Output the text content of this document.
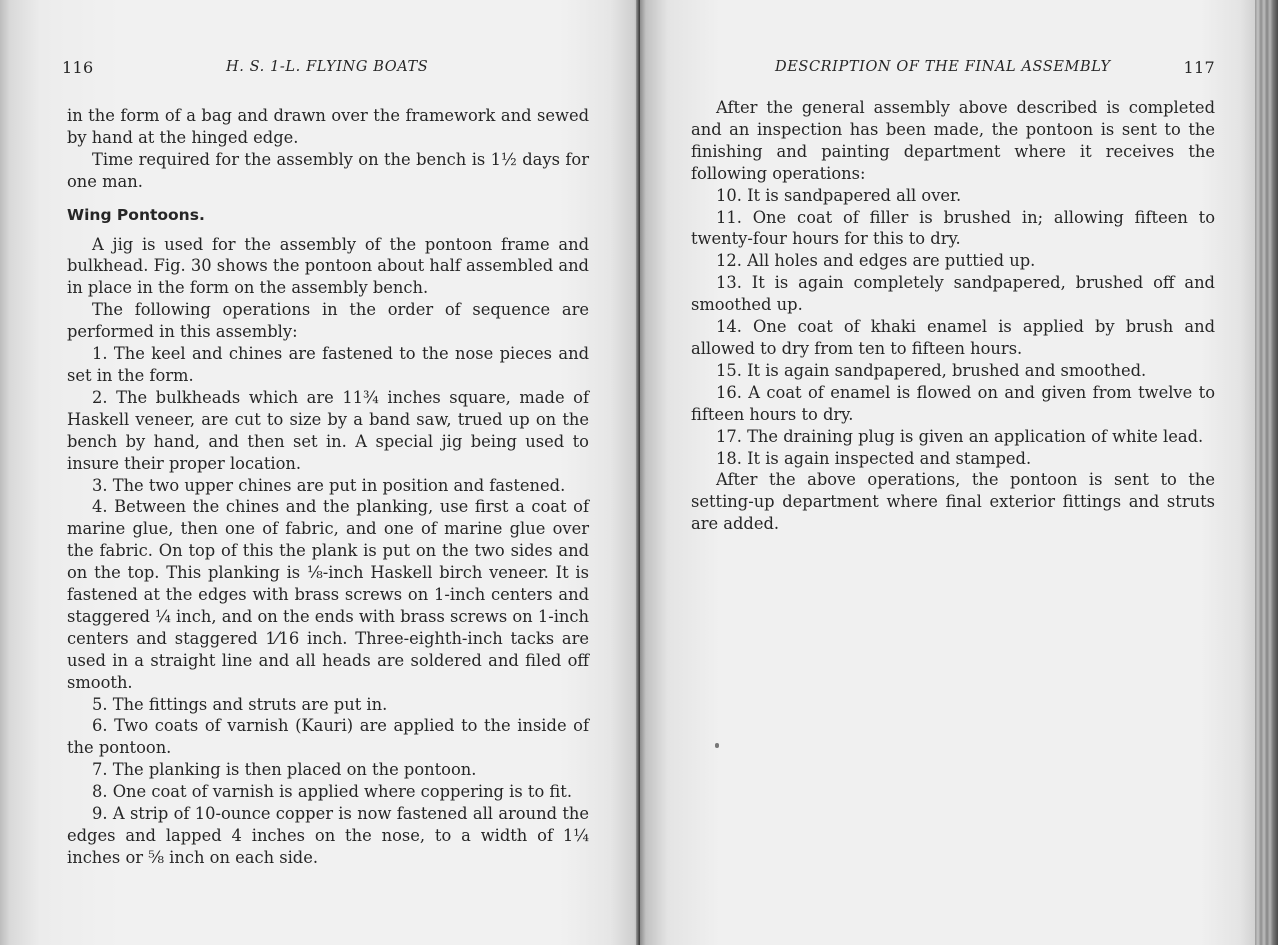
116	H. S. 1-L. FLYING BOATS

in the form of a bag and drawn over the framework and sewed by hand at the hinged edge.

Time required for the assembly on the bench is 1½ days for one man.

Wing Pontoons.

A jig is used for the assembly of the pontoon frame and bulkhead. Fig. 30 shows the pontoon about half assembled and in place in the form on the assembly bench.

The following operations in the order of sequence are performed in this assembly:

1. The keel and chines are fastened to the nose pieces and set in the form.

2. The bulkheads which are 11¾ inches square, made of Haskell veneer, are cut to size by a band saw, trued up on the bench by hand, and then set in. A special jig being used to insure their proper location.

3. The two upper chines are put in position and fastened.

4. Between the chines and the planking, use first a coat of marine glue, then one of fabric, and one of marine glue over the fabric. On top of this the plank is put on the two sides and on the top. This planking is ⅛-inch Haskell birch veneer. It is fastened at the edges with brass screws on 1-inch centers and staggered ¼ inch, and on the ends with brass screws on 1-inch centers and staggered 1⁄16 inch. Three-eighth-inch tacks are used in a straight line and all heads are soldered and filed off smooth.

5. The fittings and struts are put in.

6. Two coats of varnish (Kauri) are applied to the inside of the pontoon.

7. The planking is then placed on the pontoon.

8. One coat of varnish is applied where coppering is to fit.

9. A strip of 10-ounce copper is now fastened all around the edges and lapped 4 inches on the nose, to a width of 1¼ inches or ⅝ inch on each side.

DESCRIPTION OF THE FINAL ASSEMBLY	117

After the general assembly above described is completed and an inspection has been made, the pontoon is sent to the finishing and painting department where it receives the following operations:

10. It is sandpapered all over.

11. One coat of filler is brushed in; allowing fifteen to twenty-four hours for this to dry.

12. All holes and edges are puttied up.

13. It is again completely sandpapered, brushed off and smoothed up.

14. One coat of khaki enamel is applied by brush and allowed to dry from ten to fifteen hours.

15. It is again sandpapered, brushed and smoothed.

16. A coat of enamel is flowed on and given from twelve to fifteen hours to dry.

17. The draining plug is given an application of white lead.

18. It is again inspected and stamped.

After the above operations, the pontoon is sent to the setting-up department where final exterior fittings and struts are added.
